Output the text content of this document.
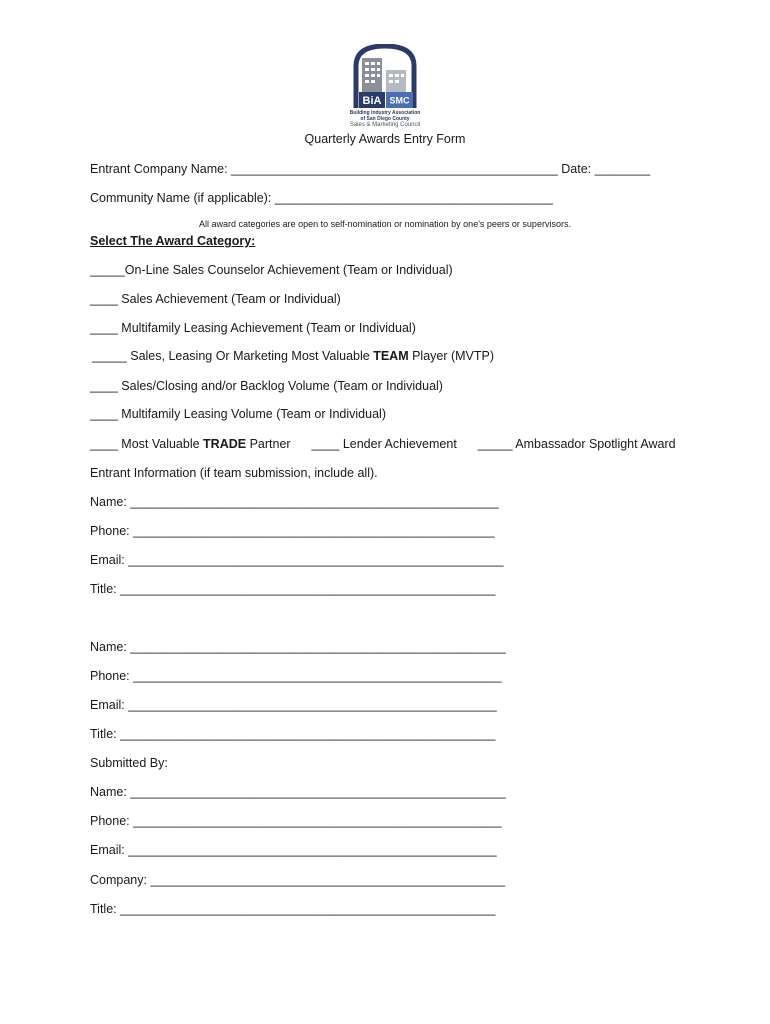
BiA SMC
Building Industry Association
of San Diego County
Sales & Marketing Council
Quarterly Awards Entry Form
Entrant Company Name: _______________________________________________ Date: ________
Community Name (if applicable): ________________________________________
All award categories are open to self-nomination or nomination by one's peers or supervisors.
Select The Award Category:
_____On-Line Sales Counselor Achievement (Team or Individual)
____ Sales Achievement (Team or Individual)
____ Multifamily Leasing Achievement (Team or Individual)
_____ Sales, Leasing Or Marketing Most Valuable TEAM Player (MVTP)
____ Sales/Closing and/or Backlog Volume (Team or Individual)
____ Multifamily Leasing Volume (Team or Individual)
____ Most Valuable TRADE Partner ____ Lender Achievement _____ Ambassador Spotlight Award
Entrant Information (if team submission, include all).
Name: _____________________________________________________
Phone: ____________________________________________________
Email: ______________________________________________________
Title: ______________________________________________________
Name: ______________________________________________________
Phone: _____________________________________________________
Email: _____________________________________________________
Title: ______________________________________________________
Submitted By:
Name: ______________________________________________________
Phone: _____________________________________________________
Email: _____________________________________________________
Company: ___________________________________________________
Title: ______________________________________________________
